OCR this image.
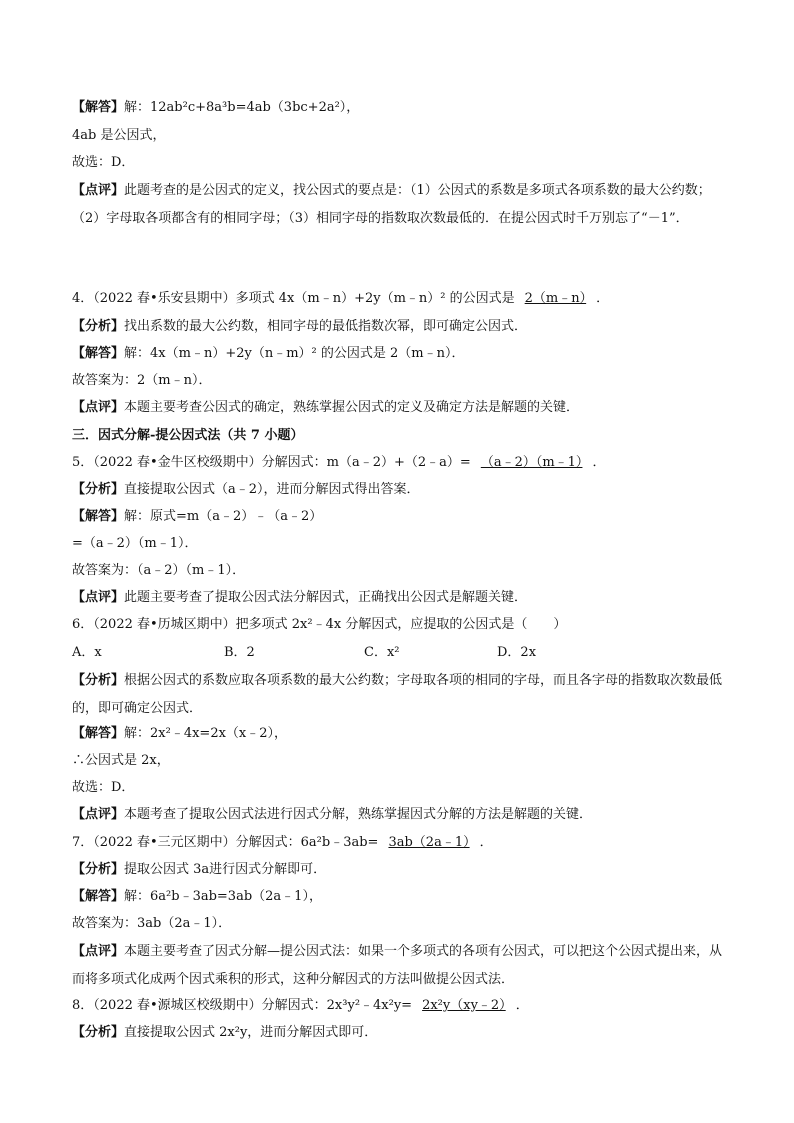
【解答】解：12ab²c+8a³b=4ab（3bc+2a²），
4ab 是公因式，
故选：D．
【点评】此题考查的是公因式的定义，找公因式的要点是：（1）公因式的系数是多项式各项系数的最大公约数；（2）字母取各项都含有的相同字母；（3）相同字母的指数取次数最低的．在提公因式时千万别忘了“－1”．
4．（2022 春•乐安县期中）多项式 4x（m﹣n）+2y（m﹣n）² 的公因式是 2（m﹣n） ．
【分析】找出系数的最大公约数，相同字母的最低指数次幂，即可确定公因式．
【解答】解：4x（m﹣n）+2y（n﹣m）² 的公因式是 2（m﹣n）．
故答案为：2（m﹣n）．
【点评】本题主要考查公因式的确定，熟练掌握公因式的定义及确定方法是解题的关键．
三．因式分解-提公因式法（共 7 小题）
5．（2022 春•金牛区校级期中）分解因式：m（a﹣2）+（2﹣a）= （a﹣2）（m﹣1） ．
【分析】直接提取公因式（a﹣2），进而分解因式得出答案．
【解答】解：原式=m（a﹣2）﹣（a﹣2）
=（a﹣2）（m﹣1）．
故答案为：（a﹣2）（m﹣1）．
【点评】此题主要考查了提取公因式法分解因式，正确找出公因式是解题关键．
6．（2022 春•历城区期中）把多项式 2x²﹣4x 分解因式，应提取的公因式是（　　）
A．x	B．2	C．x²	D．2x
【分析】根据公因式的系数应取各项系数的最大公约数；字母取各项的相同的字母，而且各字母的指数取次数最低的，即可确定公因式．
【解答】解：2x²﹣4x=2x（x﹣2），
∴公因式是 2x，
故选：D．
【点评】本题考查了提取公因式法进行因式分解，熟练掌握因式分解的方法是解题的关键．
7．（2022 春•三元区期中）分解因式：6a²b﹣3ab= 3ab（2a﹣1） ．
【分析】提取公因式 3a进行因式分解即可．
【解答】解：6a²b﹣3ab=3ab（2a﹣1），
故答案为：3ab（2a﹣1）．
【点评】本题主要考查了因式分解—提公因式法：如果一个多项式的各项有公因式，可以把这个公因式提出来，从而将多项式化成两个因式乘积的形式，这种分解因式的方法叫做提公因式法．
8．（2022 春•源城区校级期中）分解因式：2x³y²﹣4x²y= 2x²y（xy﹣2） ．
【分析】直接提取公因式 2x²y，进而分解因式即可．
